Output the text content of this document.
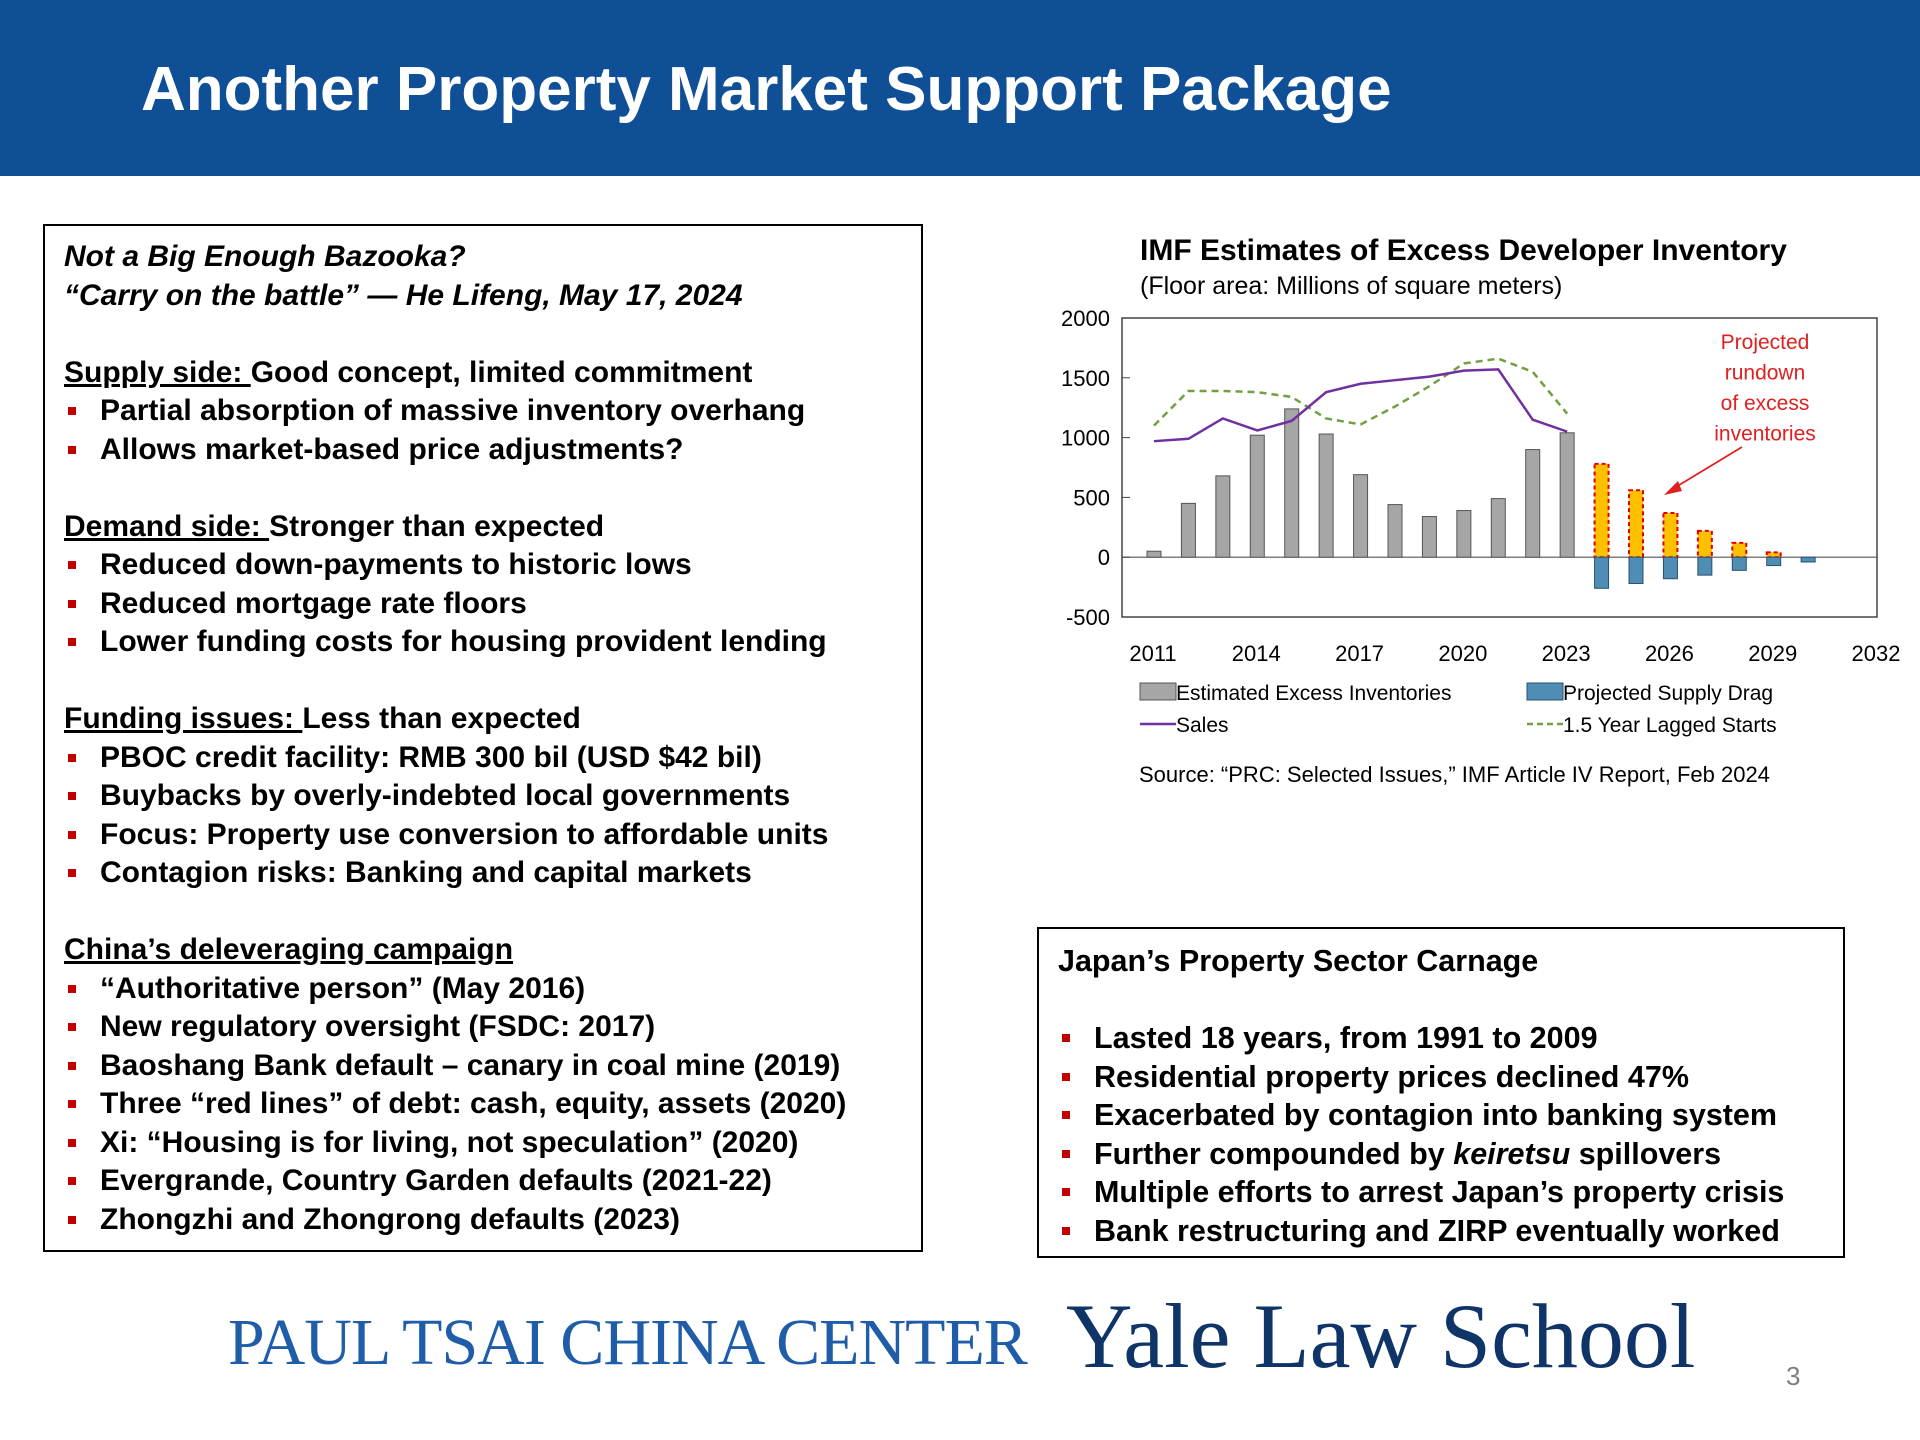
Another Property Market Support Package
Not a Big Enough Bazooka?
“Carry on the battle” — He Lifeng, May 17, 2024
Supply side: Good concept, limited commitment
Partial absorption of massive inventory overhang
Allows market-based price adjustments?
Demand side: Stronger than expected
Reduced down-payments to historic lows
Reduced mortgage rate floors
Lower funding costs for housing provident lending
Funding issues: Less than expected
PBOC credit facility: RMB 300 bil (USD $42 bil)
Buybacks by overly-indebted local governments
Focus: Property use conversion to affordable units
Contagion risks: Banking and capital markets
China’s deleveraging campaign
“Authoritative person” (May 2016)
New regulatory oversight (FSDC: 2017)
Baoshang Bank default – canary in coal mine (2019)
Three “red lines” of debt: cash, equity, assets (2020)
Xi: “Housing is for living, not speculation” (2020)
Evergrande, Country Garden defaults (2021-22)
Zhongzhi and Zhongrong defaults (2023)
IMF Estimates of Excess Developer Inventory
(Floor area: Millions of square meters)
-500
0
500
1000
1500
2000
2011	2014 2017 2020 2023 2026 2029 2032
Projected
rundown
of excess
inventories
Estimated Excess Inventories	Projected Supply Drag
Sales	1.5 Year Lagged Starts
Source: “PRC: Selected Issues,” IMF Article IV Report, Feb 2024
Japan’s Property Sector Carnage
Lasted 18 years, from 1991 to 2009
Residential property prices declined 47%
Exacerbated by contagion into banking system
Further compounded by keiretsu spillovers
Multiple efforts to arrest Japan’s property crisis
Bank restructuring and ZIRP eventually worked
PAUL TSAI CHINA CENTER Yale Law School	3
